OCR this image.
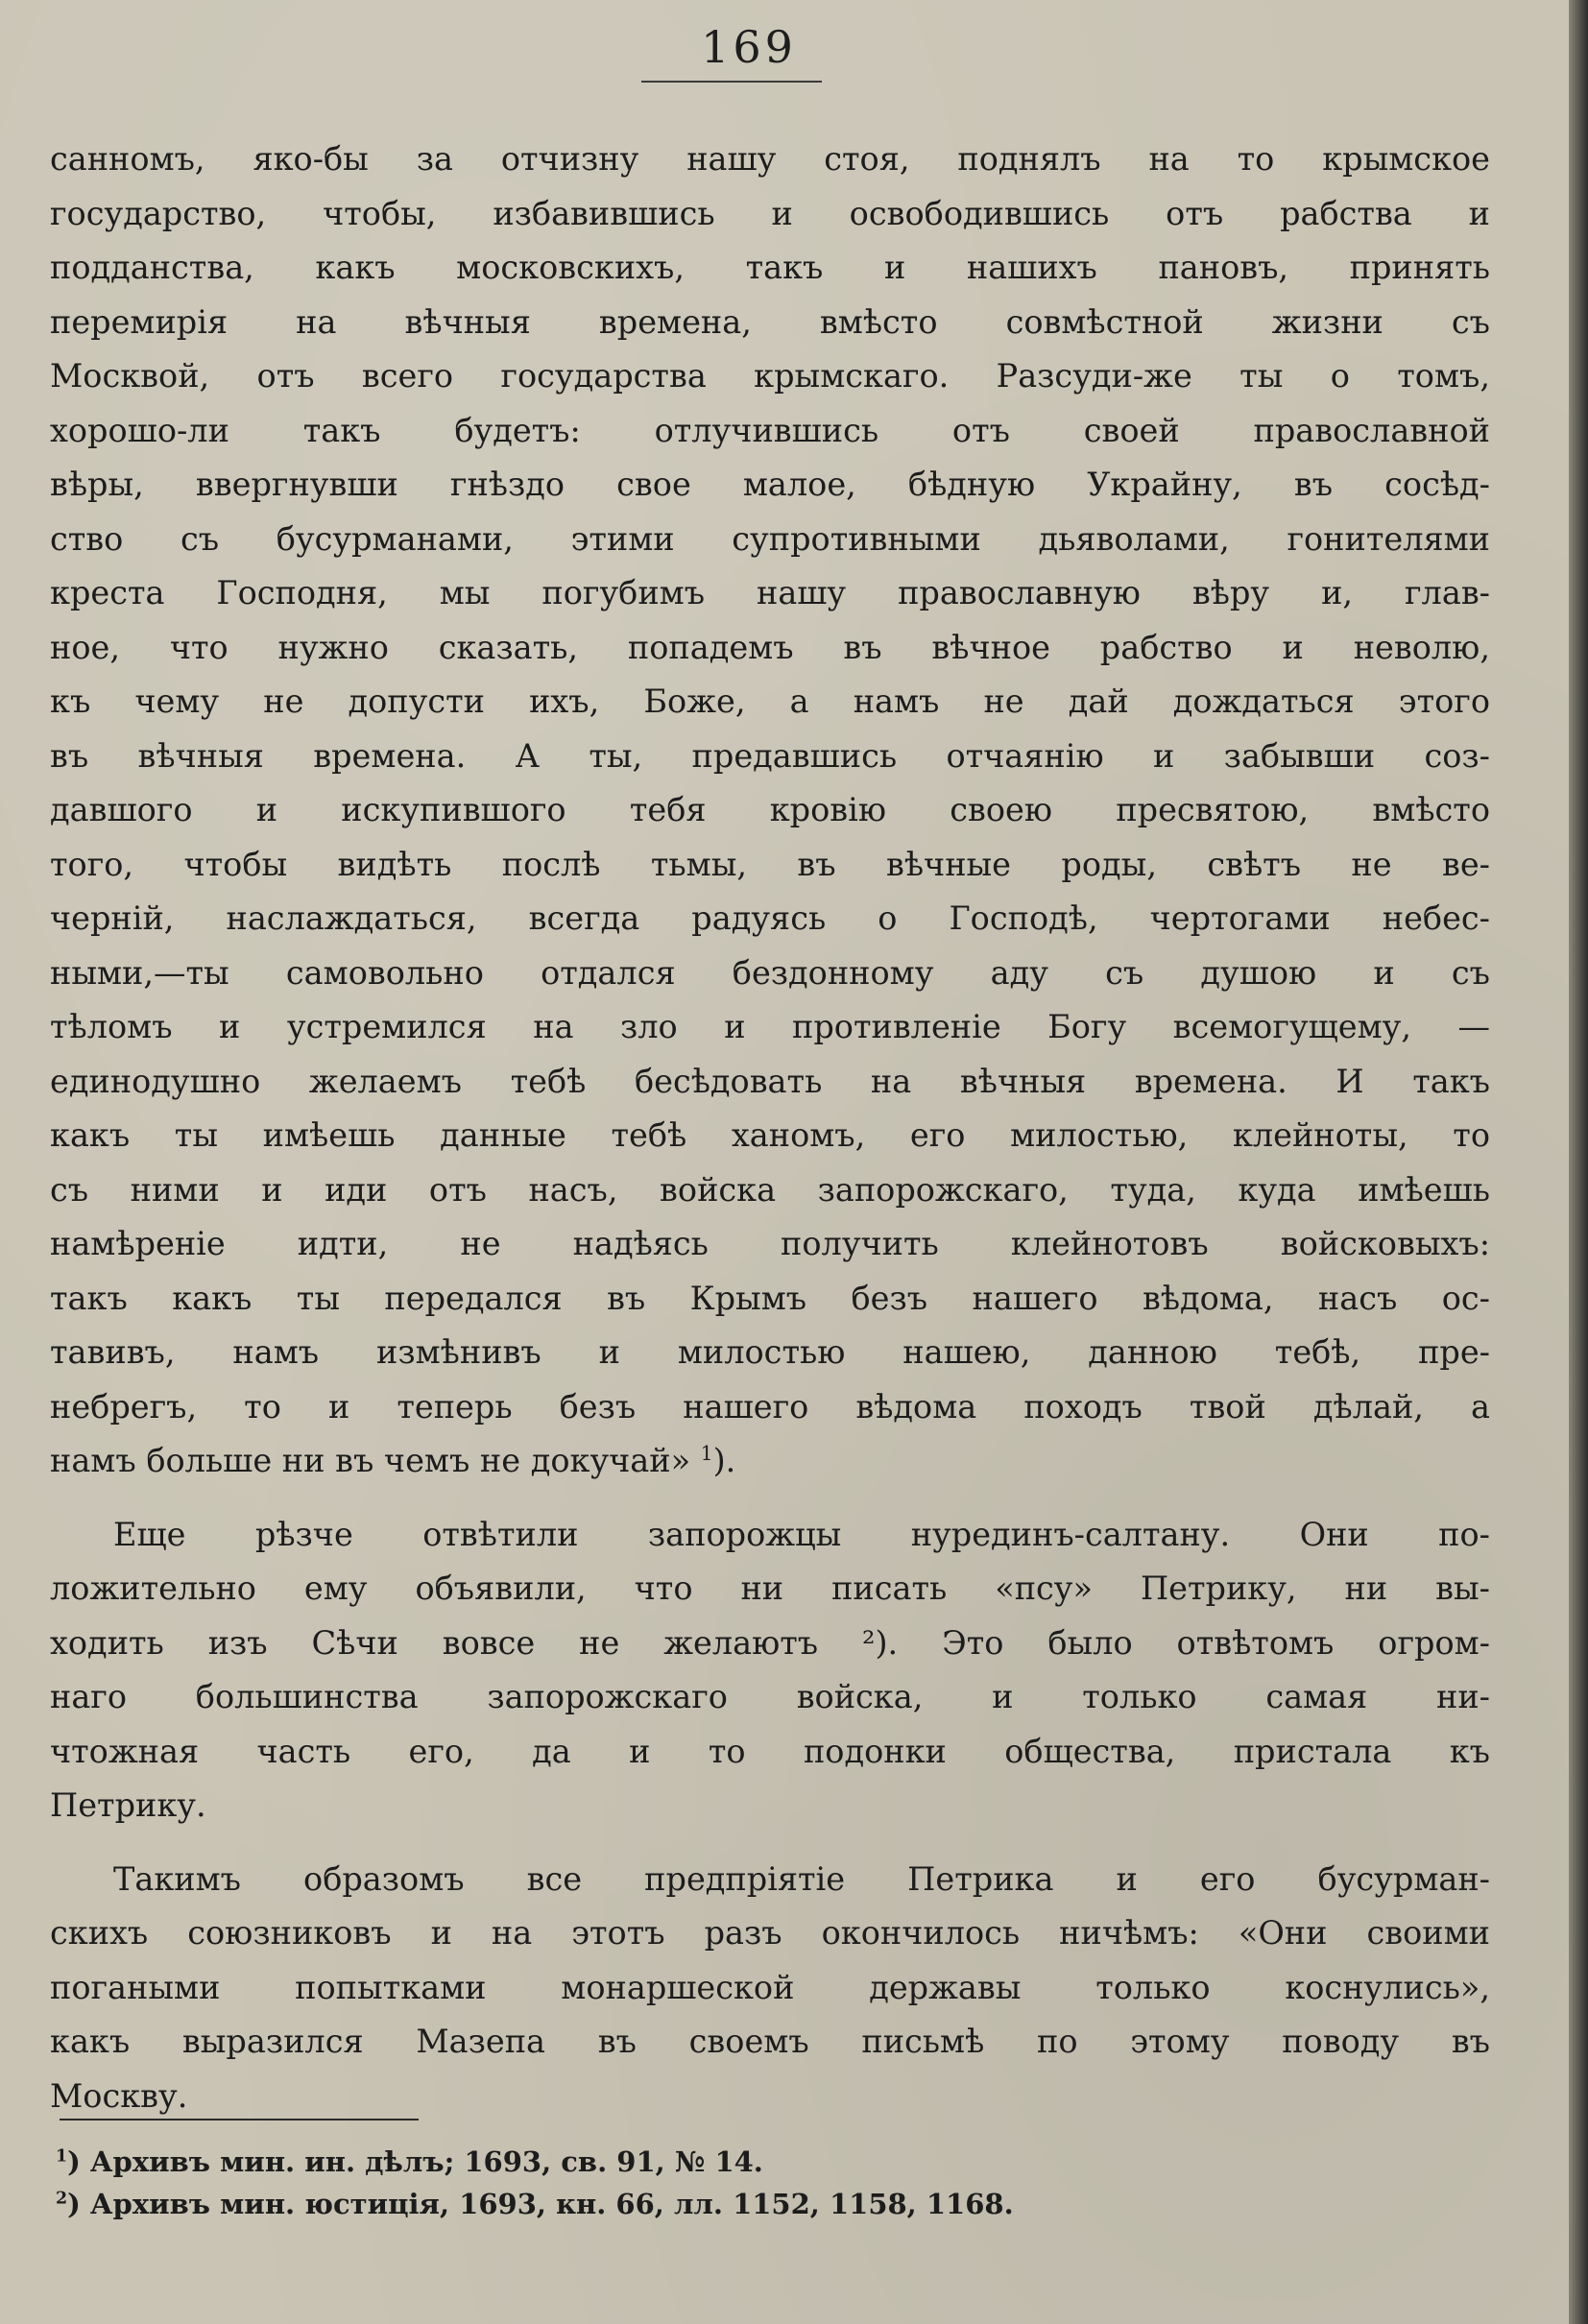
169
санномъ, яко-бы за отчизну нашу стоя, поднялъ на то крымское
государство, чтобы, избавившись и освободившись отъ рабства и
подданства, какъ московскихъ, такъ и нашихъ пановъ, принять
перемирія на вѣчныя времена, вмѣсто совмѣстной жизни съ
Москвой, отъ всего государства крымскаго. Разсуди-же ты о томъ,
хорошо-ли такъ будетъ: отлучившись отъ своей православной
вѣры, ввергнувши гнѣздо свое малое, бѣдную Украйну, въ сосѣд-
ство съ бусурманами, этими супротивными дьяволами, гонителями
креста Господня, мы погубимъ нашу православную вѣру и, глав-
ное, что нужно сказать, попадемъ въ вѣчное рабство и неволю,
къ чему не допусти ихъ, Боже, а намъ не дай дождаться этого
въ вѣчныя времена. А ты, предавшись отчаянію и забывши соз-
давшого и искупившого тебя кровію своею пресвятою, вмѣсто
того, чтобы видѣть послѣ тьмы, въ вѣчные роды, свѣтъ не ве-
черній, наслаждаться, всегда радуясь о Господѣ, чертогами небес-
ными,—ты самовольно отдался бездонному аду съ душою и съ
тѣломъ и устремился на зло и противленіе Богу всемогущему, —
единодушно желаемъ тебѣ бесѣдовать на вѣчныя времена. И такъ
какъ ты имѣешь данные тебѣ ханомъ, его милостью, клейноты, то
съ ними и иди отъ насъ, войска запорожскаго, туда, куда имѣешь
намѣреніе идти, не надѣясь получить клейнотовъ войсковыхъ:
такъ какъ ты передался въ Крымъ безъ нашего вѣдома, насъ ос-
тавивъ, намъ измѣнивъ и милостью нашею, данною тебѣ, пре-
небрегъ, то и теперь безъ нашего вѣдома походъ твой дѣлай, а
намъ больше ни въ чемъ не докучай» $^1$).
Еще рѣзче отвѣтили запорожцы нурединъ-салтану. Они по-
ложительно ему объявили, что ни писать «псу» Петрику, ни вы-
ходить изъ Сѣчи вовсе не желаютъ ²). Это было отвѣтомъ огром-
наго большинства запорожскаго войска, и только самая ни-
чтожная часть его, да и то подонки общества, пристала къ
Петрику.
Такимъ образомъ все предпріятіе Петрика и его бусурман-
скихъ союзниковъ и на этотъ разъ окончилось ничѣмъ: «Они своими
погаными попытками монаршеской державы только коснулись»,
какъ выразился Мазепа въ своемъ письмѣ по этому поводу въ
Москву.
$^1$) Архивъ мин. ин. дѣлъ; 1693, св. 91, № 14.
$^2$) Архивъ мин. юстиція, 1693, кн. 66, лл. 1152, 1158, 1168.
